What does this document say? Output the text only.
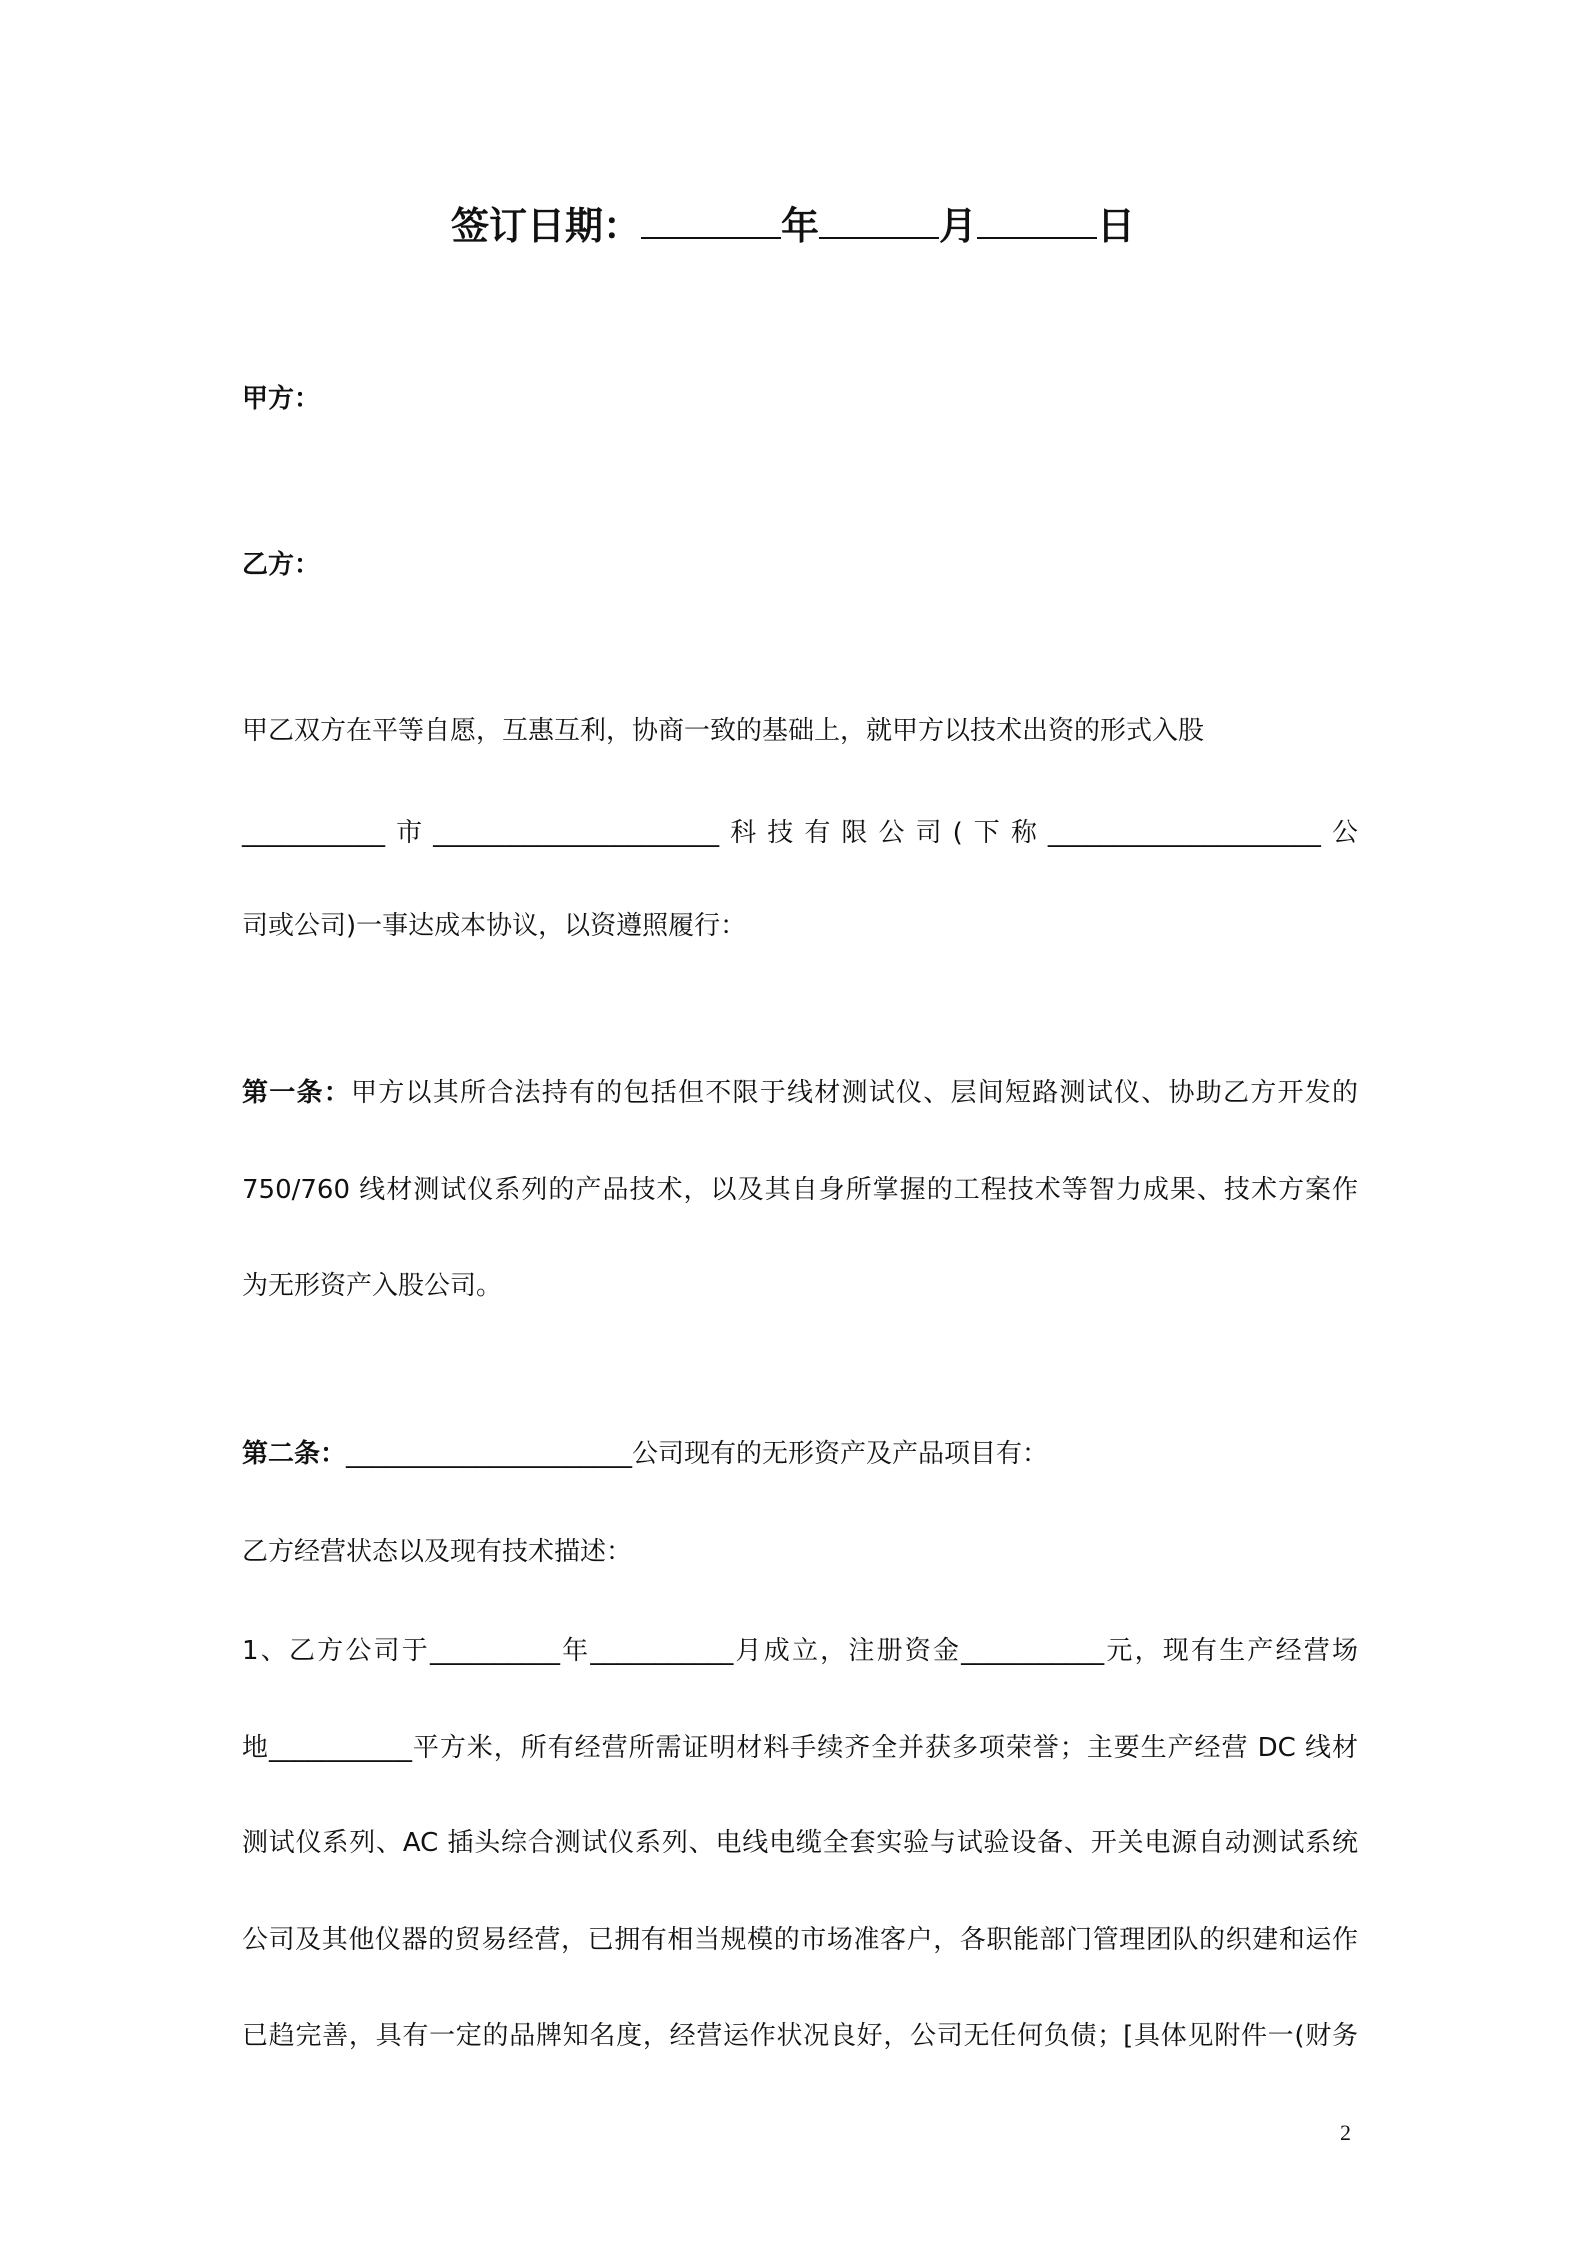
签订日期：	年	月	日
甲方：
乙方：
甲乙双方在平等自愿，互惠互利，协商一致的基础上，就甲方以技术出资的形式入股
___________市______________________科技有限公司(下称_____________________公
司或公司)一事达成本协议，以资遵照履行：
第一条：甲方以其所合法持有的包括但不限于线材测试仪、层间短路测试仪、协助乙方开发的
750/760 线材测试仪系列的产品技术，以及其自身所掌握的工程技术等智力成果、技术方案作
为无形资产入股公司。
第二条：______________________公司现有的无形资产及产品项目有：
乙方经营状态以及现有技术描述：
1、乙方公司于__________年___________月成立，注册资金___________元，现有生产经营场
地___________平方米，所有经营所需证明材料手续齐全并获多项荣誉；主要生产经营 DC 线材
测试仪系列、AC 插头综合测试仪系列、电线电缆全套实验与试验设备、开关电源自动测试系统
公司及其他仪器的贸易经营，已拥有相当规模的市场准客户，各职能部门管理团队的织建和运作
已趋完善，具有一定的品牌知名度，经营运作状况良好，公司无任何负债；[具体见附件一(财务
2
